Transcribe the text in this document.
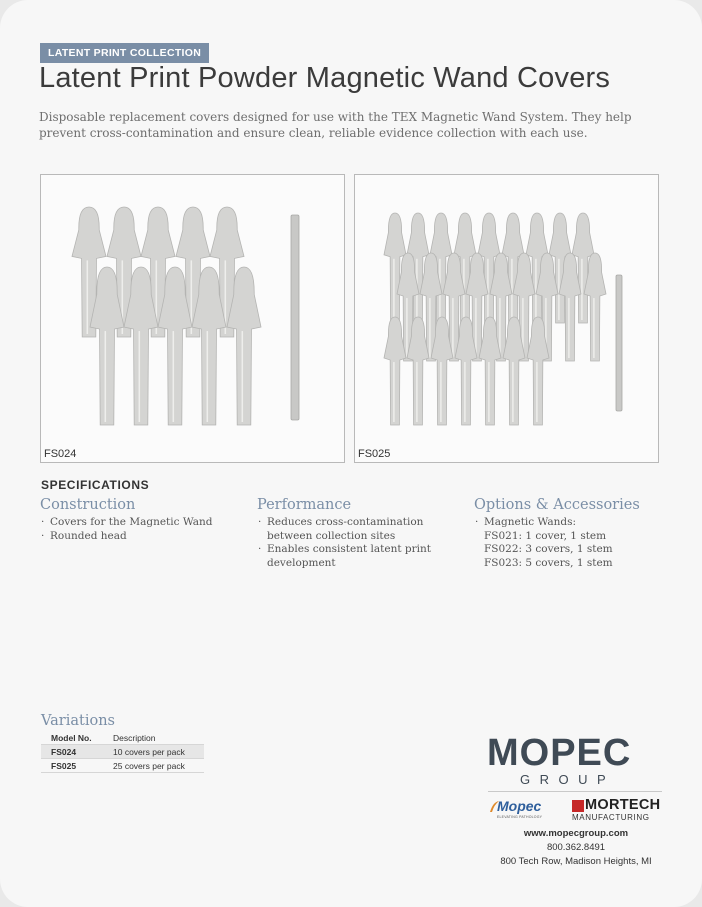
LATENT PRINT COLLECTION
Latent Print Powder Magnetic Wand Covers
Disposable replacement covers designed for use with the TEX Magnetic Wand System. They help prevent cross-contamination and ensure clean, reliable evidence collection with each use.
FS024	FS025
SPECIFICATIONS
Construction
· Covers for the Magnetic Wand
· Rounded head
Performance
· Reduces cross-contamination between collection sites
· Enables consistent latent print development
Options & Accessories
· Magnetic Wands:
FS021: 1 cover, 1 stem
FS022: 3 covers, 1 stem
FS023: 5 covers, 1 stem
Variations
Model No.	Description
FS024	10 covers per pack
FS025	25 covers per pack	MOPEC
GROUP
Mopec
ELEVATING PATHOLOGY
MORTECH
MANUFACTURING
www.mopecgroup.com
800.362.8491
800 Tech Row, Madison Heights, MI
